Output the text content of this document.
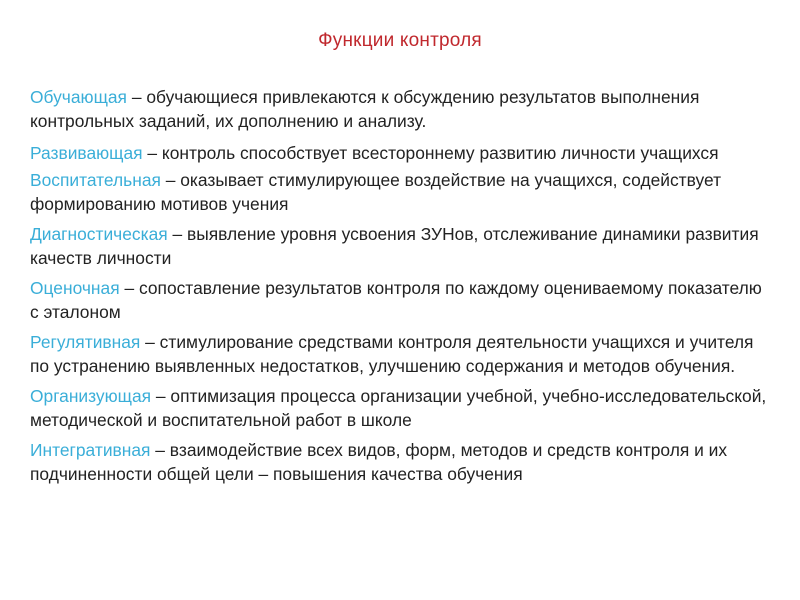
Функции контроля

Обучающая – обучающиеся привлекаются к обсуждению результатов выполнения контрольных заданий, их дополнению и анализу.

Развивающая – контроль способствует всестороннему развитию личности учащихся

Воспитательная – оказывает стимулирующее воздействие на учащихся, содействует формированию мотивов учения

Диагностическая – выявление уровня усвоения ЗУНов, отслеживание динамики развития качеств личности

Оценочная – сопоставление результатов контроля по каждому оцениваемому показателю с эталоном

Регулятивная – стимулирование средствами контроля деятельности учащихся и учителя по устранению выявленных недостатков, улучшению содержания и методов обучения.

Организующая – оптимизация процесса организации учебной, учебно-исследовательской, методической и воспитательной работ в школе

Интегративная – взаимодействие всех видов, форм, методов и средств контроля и их подчиненности общей цели – повышения качества обучения
